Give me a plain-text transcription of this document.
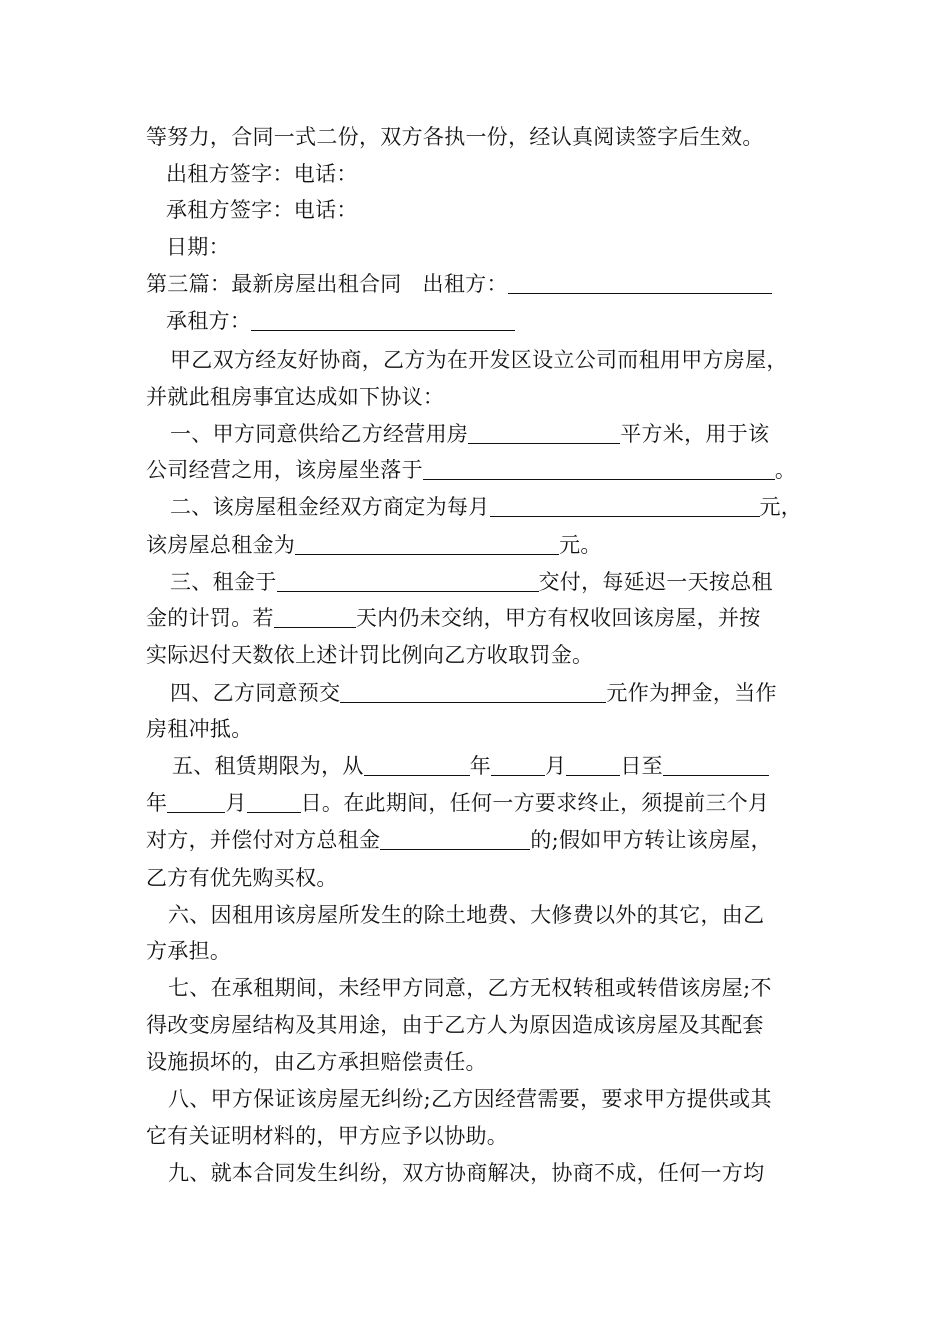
等努力，合同一式二份，双方各执一份，经认真阅读签字后生效。
出租方签字：电话：
承租方签字：电话：
日期：
第三篇：最新房屋出租合同 出租方：
承租方：
甲乙双方经友好协商，乙方为在开发区设立公司而租用甲方房屋，
并就此租房事宜达成如下协议：
一、甲方同意供给乙方经营用房	平方米，用于该
公司经营之用，该房屋坐落于	。
二、该房屋租金经双方商定为每月	元，
该房屋总租金为	元。
三、租金于	交付，每延迟一天按总租
金的计罚。若	天内仍未交纳，甲方有权收回该房屋，并按
实际迟付天数依上述计罚比例向乙方收取罚金。
四、乙方同意预交	元作为押金，当作
房租冲抵。
五、租赁期限为，从	年	月	日至
年	月	日。在此期间，任何一方要求终止，须提前三个月
对方，并偿付对方总租金	的;假如甲方转让该房屋，
乙方有优先购买权。
六、因租用该房屋所发生的除土地费、大修费以外的其它，由乙
方承担。
七、在承租期间，未经甲方同意，乙方无权转租或转借该房屋;不
得改变房屋结构及其用途，由于乙方人为原因造成该房屋及其配套
设施损坏的，由乙方承担赔偿责任。
八、甲方保证该房屋无纠纷;乙方因经营需要，要求甲方提供或其
它有关证明材料的，甲方应予以协助。
九、就本合同发生纠纷，双方协商解决，协商不成，任何一方均
